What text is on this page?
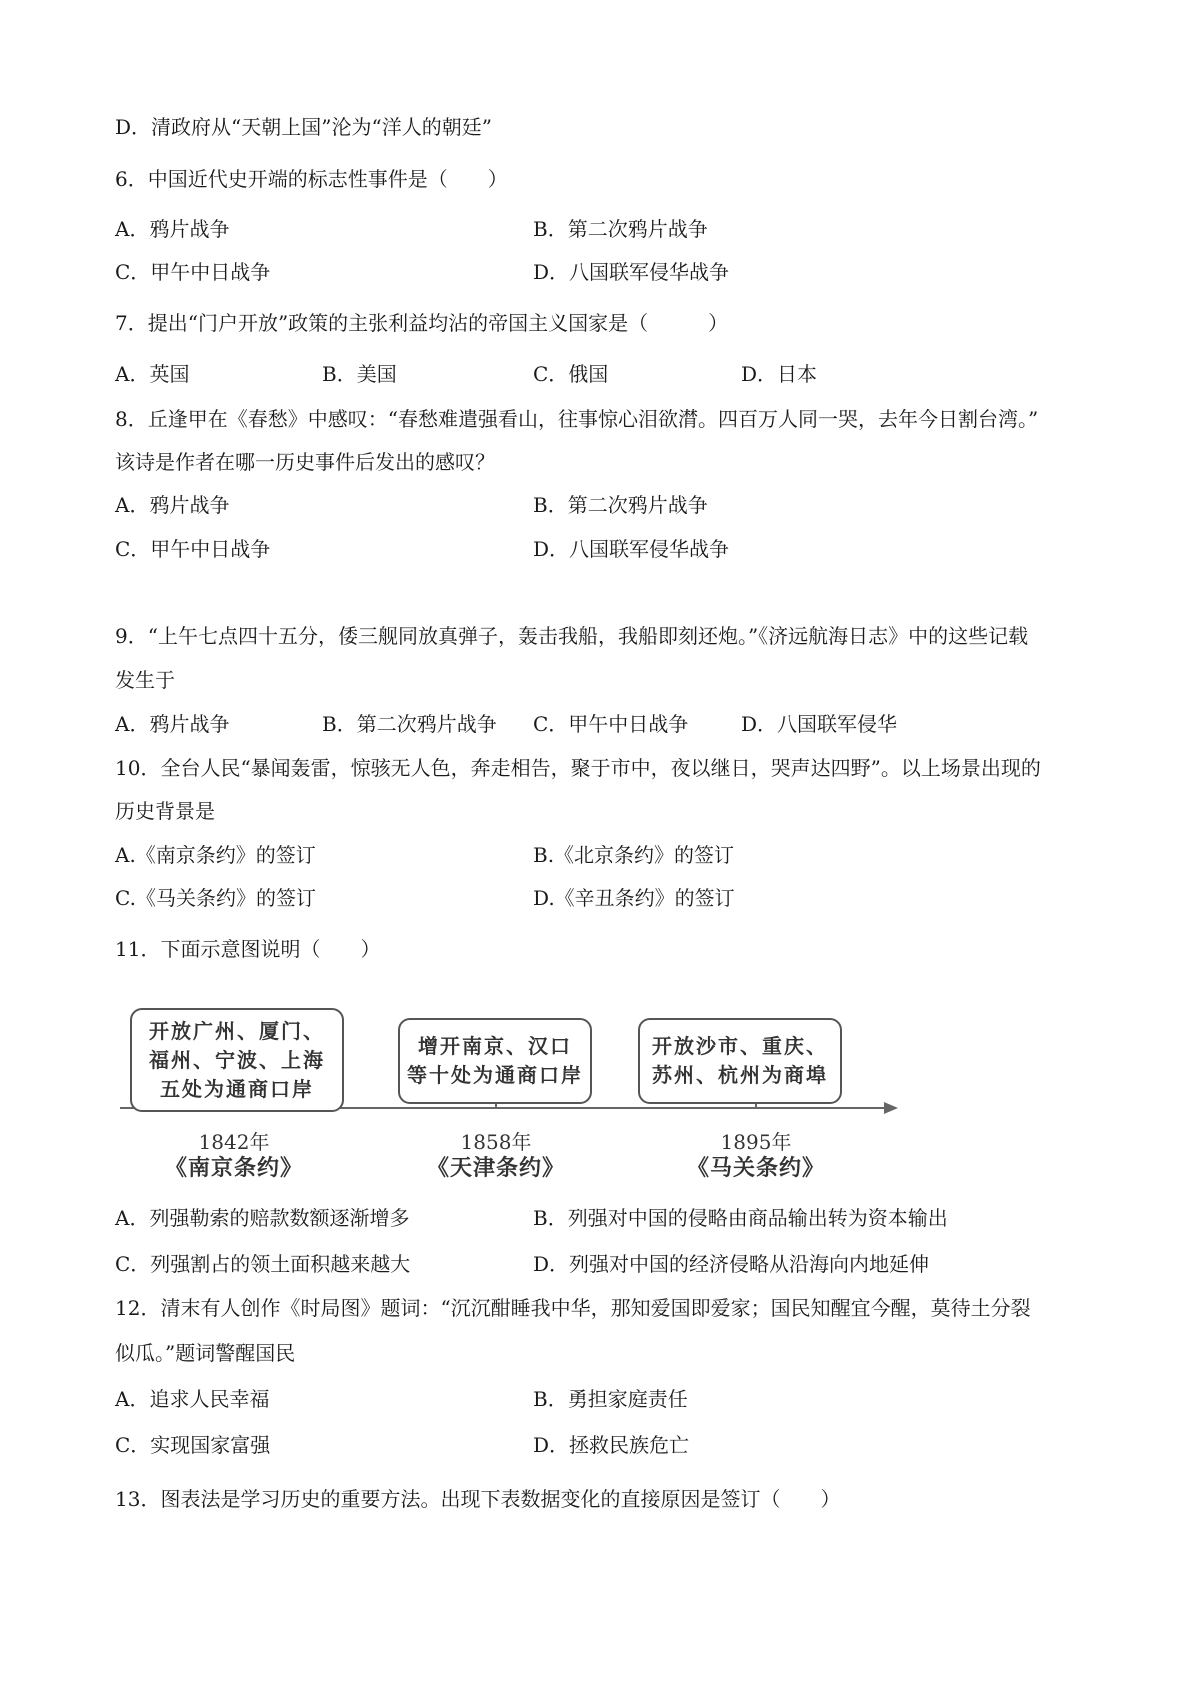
D．清政府从“天朝上国”沦为“洋人的朝廷”
6．中国近代史开端的标志性事件是（　　）
A．鸦片战争	B．第二次鸦片战争
C．甲午中日战争	D．八国联军侵华战争
7．提出“门户开放”政策的主张利益均沾的帝国主义国家是（　　　）
A．英国	B．美国	C．俄国	D．日本
8．丘逢甲在《春愁》中感叹：“春愁难遣强看山，往事惊心泪欲潸。四百万人同一哭，去年今日割台湾。”
该诗是作者在哪一历史事件后发出的感叹？
A．鸦片战争	B．第二次鸦片战争
C．甲午中日战争	D．八国联军侵华战争
9．“上午七点四十五分，倭三舰同放真弹子，轰击我船，我船即刻还炮。”《济远航海日志》中的这些记载
发生于
A．鸦片战争	B．第二次鸦片战争 C．甲午中日战争	D．八国联军侵华
10．全台人民“暴闻轰雷，惊骇无人色，奔走相告，聚于市中，夜以继日，哭声达四野”。以上场景出现的
历史背景是
A.《南京条约》的签订	B.《北京条约》的签订
C.《马关条约》的签订	D.《辛丑条约》的签订
11．下面示意图说明（　　）
开放广州、厦门、
福州、宁波、上海
五处为通商口岸
增开南京、汉口
等十处为通商口岸
开放沙市、重庆、
苏州、杭州为商埠
1842年
《南京条约》
1858年
《天津条约》
1895年
《马关条约》
A．列强勒索的赔款数额逐渐增多	B．列强对中国的侵略由商品输出转为资本输出
C．列强割占的领土面积越来越大	D．列强对中国的经济侵略从沿海向内地延伸
12．清末有人创作《时局图》题词：“沉沉酣睡我中华，那知爱国即爱家；国民知醒宜今醒，莫待土分裂
似瓜。”题词警醒国民
A．追求人民幸福	B．勇担家庭责任
C．实现国家富强	D．拯救民族危亡
13．图表法是学习历史的重要方法。出现下表数据变化的直接原因是签订（　　）
